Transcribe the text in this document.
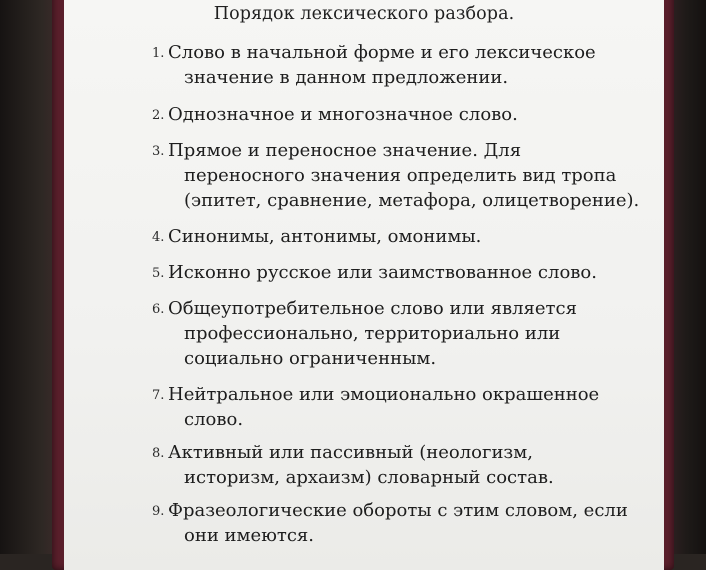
Порядок лексического разбора.
1. Слово в начальной форме и его лексическое
значение в данном предложении.
2. Однозначное и многозначное слово.
3. Прямое и переносное значение. Для
переносного значения определить вид тропа
(эпитет, сравнение, метафора, олицетворение).
4. Синонимы, антонимы, омонимы.
5. Исконно русское или заимствованное слово.
6. Общеупотребительное слово или является
профессионально, территориально или
социально ограниченным.
7. Нейтральное или эмоционально окрашенное
слово.
8. Активный или пассивный (неологизм,
историзм, архаизм) словарный состав.
9. Фразеологические обороты с этим словом, если
они имеются.
